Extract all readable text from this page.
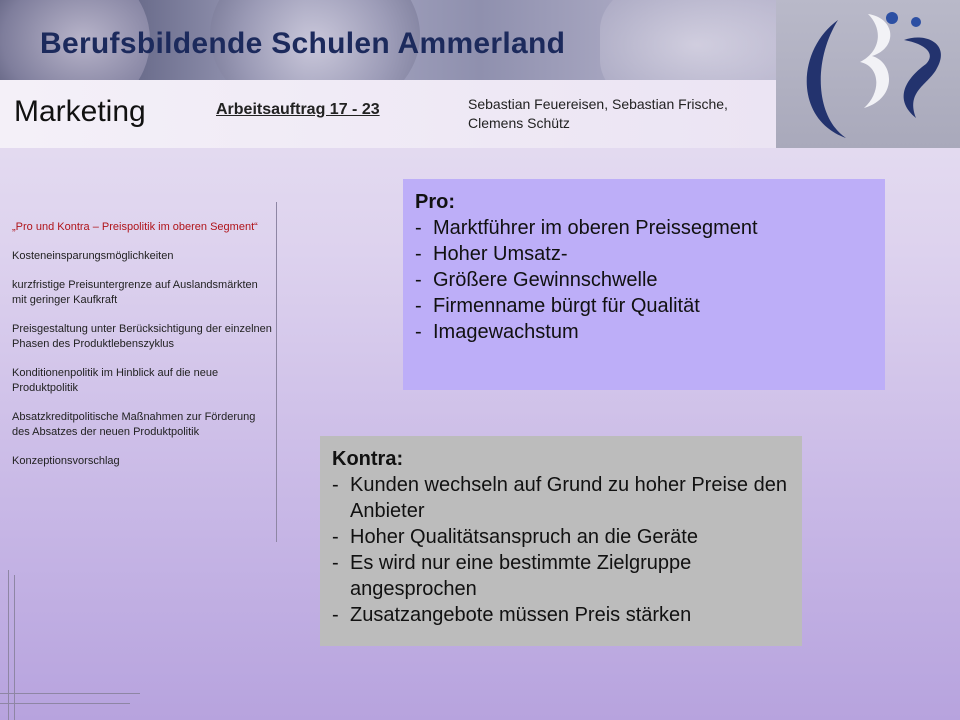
Berufsbildende Schulen Ammerland
Marketing	Arbeitsauftrag 17 - 23	Sebastian Feuereisen, Sebastian Frische,
Clemens Schütz
„Pro und Kontra – Preispolitik im oberen Segment“
Kosteneinsparungsmöglichkeiten
kurzfristige Preisuntergrenze auf Auslandsmärkten mit geringer Kaufkraft
Preisgestaltung unter Berücksichtigung der einzelnen Phasen des Produktlebenszyklus
Konditionenpolitik im Hinblick auf die neue Produktpolitik
Absatzkreditpolitische Maßnahmen zur Förderung des Absatzes der neuen Produktpolitik
Konzeptionsvorschlag
Pro:
- Marktführer im oberen Preissegment
- Hoher Umsatz-
- Größere Gewinnschwelle
- Firmenname bürgt für Qualität
- Imagewachstum
Kontra:
- Kunden wechseln auf Grund zu hoher Preise den Anbieter
- Hoher Qualitätsanspruch an die Geräte
- Es wird nur eine bestimmte Zielgruppe angesprochen
- Zusatzangebote müssen Preis stärken
